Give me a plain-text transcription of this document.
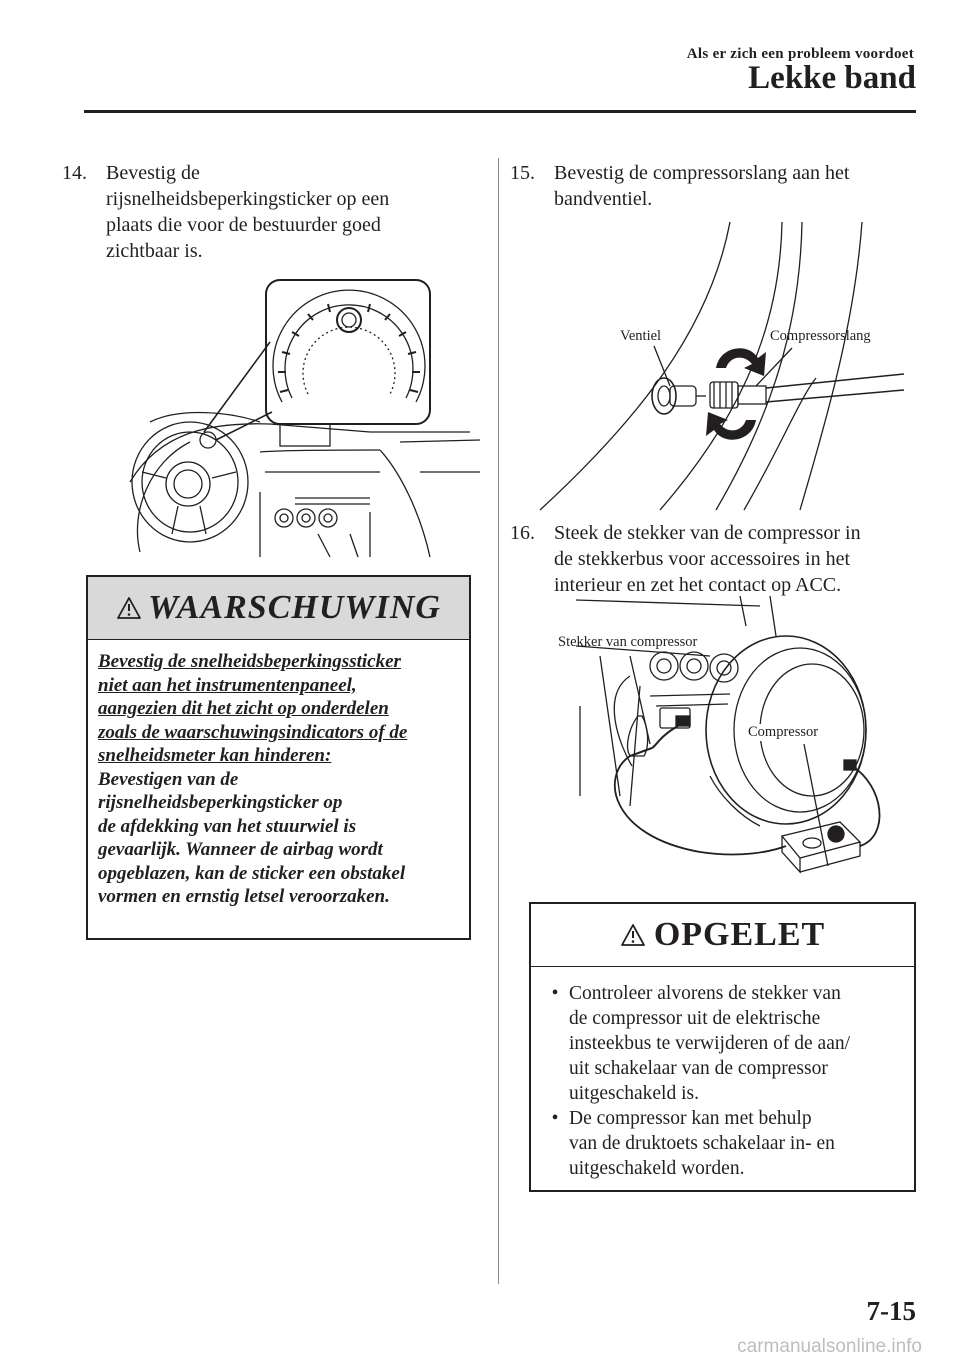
Als er zich een probleem voordoet
Lekke band
14. Bevestig de
rijsnelheidsbeperkingsticker op een
plaats die voor de bestuurder goed
zichtbaar is.
WAARSCHUWING
Bevestig de snelheidsbeperkingssticker
niet aan het instrumentenpaneel,
aangezien dit het zicht op onderdelen
zoals de waarschuwingsindicators of de
snelheidsmeter kan hinderen:
Bevestigen van de
rijsnelheidsbeperkingsticker op
de afdekking van het stuurwiel is
gevaarlijk. Wanneer de airbag wordt
opgeblazen, kan de sticker een obstakel
vormen en ernstig letsel veroorzaken.
15. Bevestig de compressorslang aan het
bandventiel.
Ventiel	Compressorslang
16. Steek de stekker van de compressor in
de stekkerbus voor accessoires in het
interieur en zet het contact op ACC.
Stekker van compressor
Compressor
OPGELET
• Controleer alvorens de stekker van
de compressor uit de elektrische
insteekbus te verwijderen of de aan/
uit schakelaar van de compressor
uitgeschakeld is.
• De compressor kan met behulp
van de druktoets schakelaar in- en
uitgeschakeld worden.
7-15
carmanualsonline.info
